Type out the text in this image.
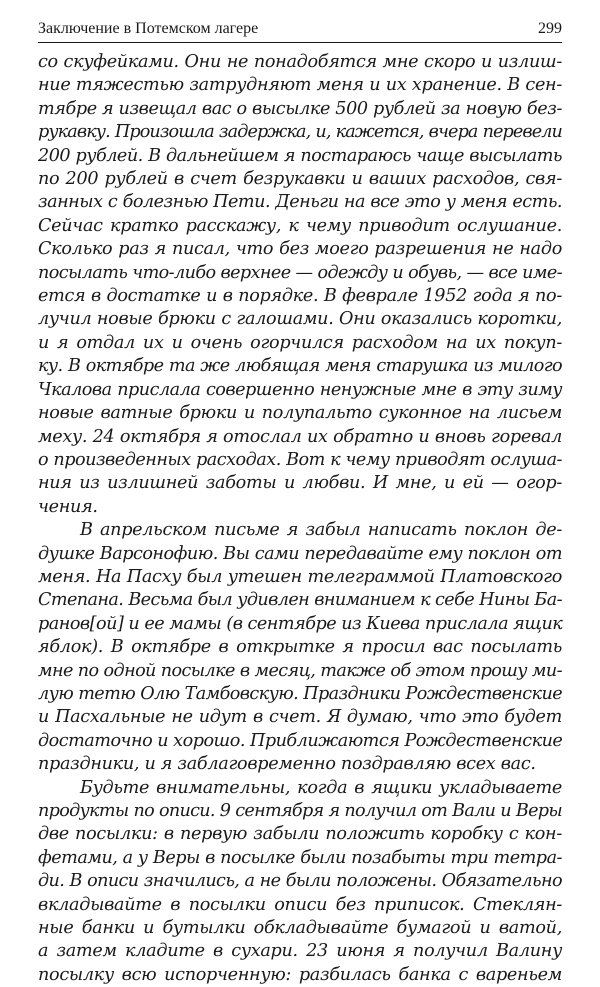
Заключение в Потемском лагере	299
со скуфейками. Они не понадобятся мне скоро и излиш-
ние тяжестью затрудняют меня и их хранение. В сен-
тябре я извещал вас о высылке 500 рублей за новую без-
рукавку. Произошла задержка, и, кажется, вчера перевели
200 рублей. В дальнейшем я постараюсь чаще высылать
по 200 рублей в счет безрукавки и ваших расходов, свя-
занных с болезнью Пети. Деньги на все это у меня есть.
Сейчас кратко расскажу, к чему приводит ослушание.
Сколько раз я писал, что без моего разрешения не надо
посылать что-либо верхнее — одежду и обувь, — все име-
ется в достатке и в порядке. В феврале 1952 года я по-
лучил новые брюки с галошами. Они оказались коротки,
и я отдал их и очень огорчился расходом на их покуп-
ку. В октябре та же любящая меня старушка из милого
Чкалова прислала совершенно ненужные мне в эту зиму
новые ватные брюки и полупальто суконное на лисьем
меху. 24 октября я отослал их обратно и вновь горевал
о произведенных расходах. Вот к чему приводят ослуша-
ния из излишней заботы и любви. И мне, и ей — огор-
чения.
В апрельском письме я забыл написать поклон де-
душке Варсонофию. Вы сами передавайте ему поклон от
меня. На Пасху был утешен телеграммой Платовского
Степана. Весьма был удивлен вниманием к себе Нины Ба-
ранов[ой] и ее мамы (в сентябре из Киева прислала ящик
яблок). В октябре в открытке я просил вас посылать
мне по одной посылке в месяц, также об этом прошу ми-
лую тетю Олю Тамбовскую. Праздники Рождественские
и Пасхальные не идут в счет. Я думаю, что это будет
достаточно и хорошо. Приближаются Рождественские
праздники, и я заблаговременно поздравляю всех вас.
Будьте внимательны, когда в ящики укладываете
продукты по описи. 9 сентября я получил от Вали и Веры
две посылки: в первую забыли положить коробку с кон-
фетами, а у Веры в посылке были позабыты три тетра-
ди. В описи значились, а не были положены. Обязательно
вкладывайте в посылки описи без приписок. Стеклян-
ные банки и бутылки обкладывайте бумагой и ватой,
а затем кладите в сухари. 23 июня я получил Валину
посылку всю испорченную: разбилась банка с вареньем
